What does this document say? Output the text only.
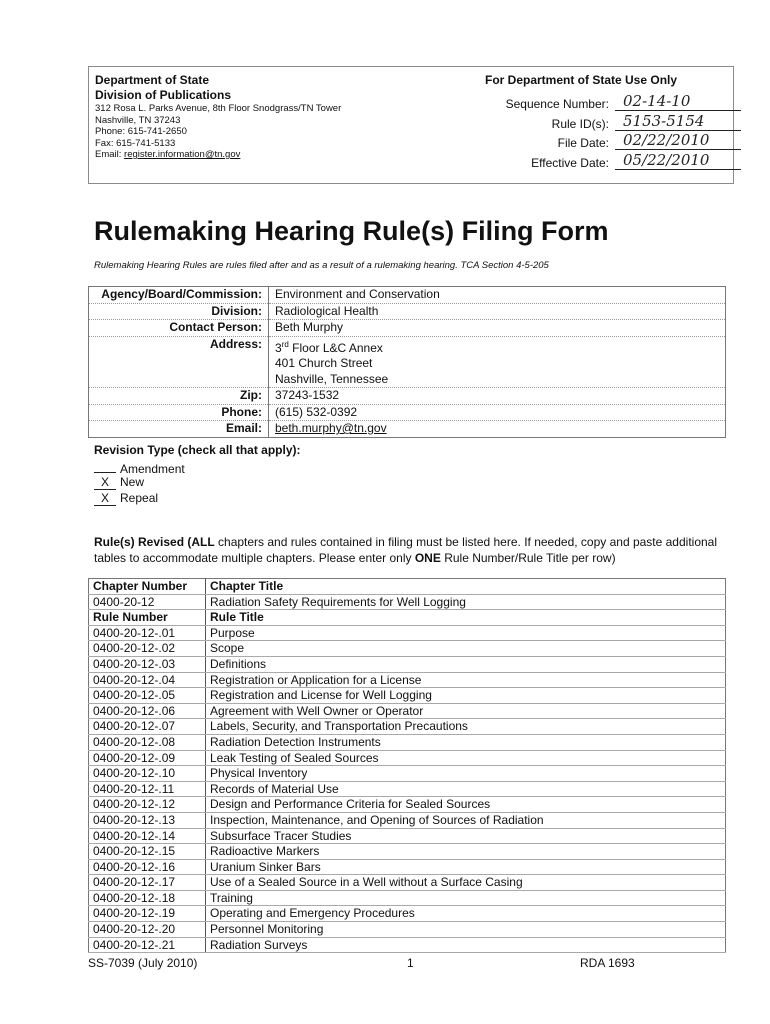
Department of State
Division of Publications
312 Rosa L. Parks Avenue, 8th Floor Snodgrass/TN Tower
Nashville, TN 37243
Phone: 615-741-2650
Fax: 615-741-5133
Email: register.information@tn.gov
For Department of State Use Only
Sequence Number: 02-14-10
Rule ID(s): 5153-5154
File Date: 02/22/2010
Effective Date: 05/22/2010
Rulemaking Hearing Rule(s) Filing Form
Rulemaking Hearing Rules are rules filed after and as a result of a rulemaking hearing. TCA Section 4-5-205
Agency/Board/Commission:	Environment and Conservation
Division:	Radiological Health
Contact Person:	Beth Murphy
Address:	3rd Floor L&C Annex
401 Church Street
Nashville, Tennessee

Zip:	37243-1532
Phone:	(615) 532-0392
Email:	beth.murphy@tn.gov
Revision Type (check all that apply):
Amendment
X New
X Repeal
Rule(s) Revised (ALL chapters and rules contained in filing must be listed here. If needed, copy and paste additional tables to accommodate multiple chapters. Please enter only ONE Rule Number/Rule Title per row)
Chapter Number	Chapter Title
0400-20-12	Radiation Safety Requirements for Well Logging
Rule Number	Rule Title
0400-20-12-.01	Purpose
0400-20-12-.02	Scope
0400-20-12-.03	Definitions
0400-20-12-.04	Registration or Application for a License
0400-20-12-.05	Registration and License for Well Logging
0400-20-12-.06	Agreement with Well Owner or Operator
0400-20-12-.07	Labels, Security, and Transportation Precautions
0400-20-12-.08	Radiation Detection Instruments
0400-20-12-.09	Leak Testing of Sealed Sources
0400-20-12-.10	Physical Inventory
0400-20-12-.11	Records of Material Use
0400-20-12-.12	Design and Performance Criteria for Sealed Sources
0400-20-12-.13	Inspection, Maintenance, and Opening of Sources of Radiation
0400-20-12-.14	Subsurface Tracer Studies
0400-20-12-.15	Radioactive Markers
0400-20-12-.16	Uranium Sinker Bars
0400-20-12-.17	Use of a Sealed Source in a Well without a Surface Casing
0400-20-12-.18	Training
0400-20-12-.19	Operating and Emergency Procedures
0400-20-12-.20	Personnel Monitoring
0400-20-12-.21	Radiation Surveys
SS-7039 (July 2010)	1	RDA 1693
